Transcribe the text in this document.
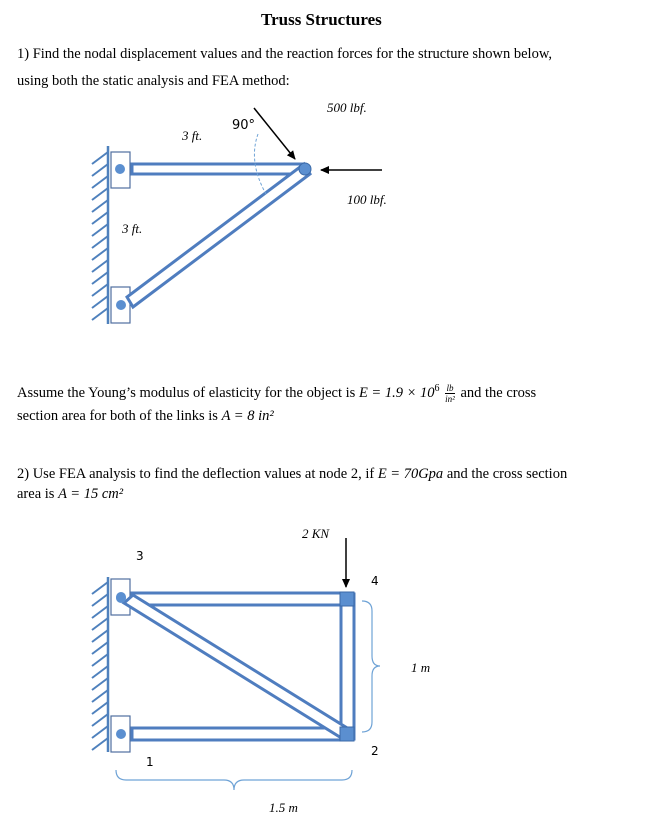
Truss Structures
1) Find the nodal displacement values and the reaction forces for the structure shown below,
using both the static analysis and FEA method:
500 lbf.
90°
3 ft.
100 lbf.
3 ft.
Assume the Young’s modulus of elasticity for the object is $E = 1.9 \times 10^6 \frac{lb}{\text{in²}}$ and the cross
section area for both of the links is A = 8 in²
2) Use FEA analysis to find the deflection values at node 2, if E = 70Gpa and the cross section
area is A = 15 cm²
2 KN
3
4
1 m
2
1
1.5 m
